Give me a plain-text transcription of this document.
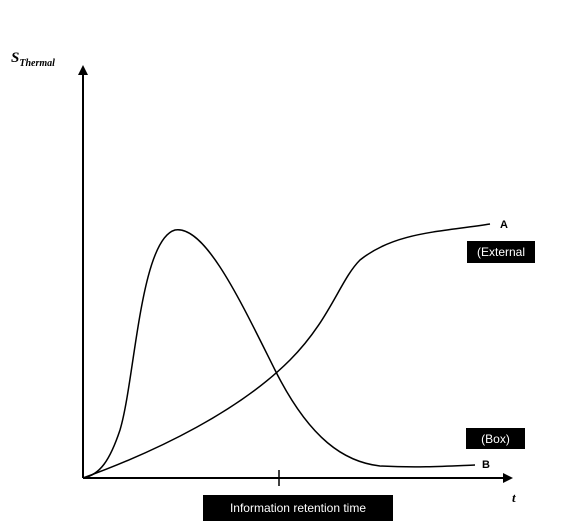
$S_{Thermal}$
t
A
B
(External
(Box)
Information retention time
